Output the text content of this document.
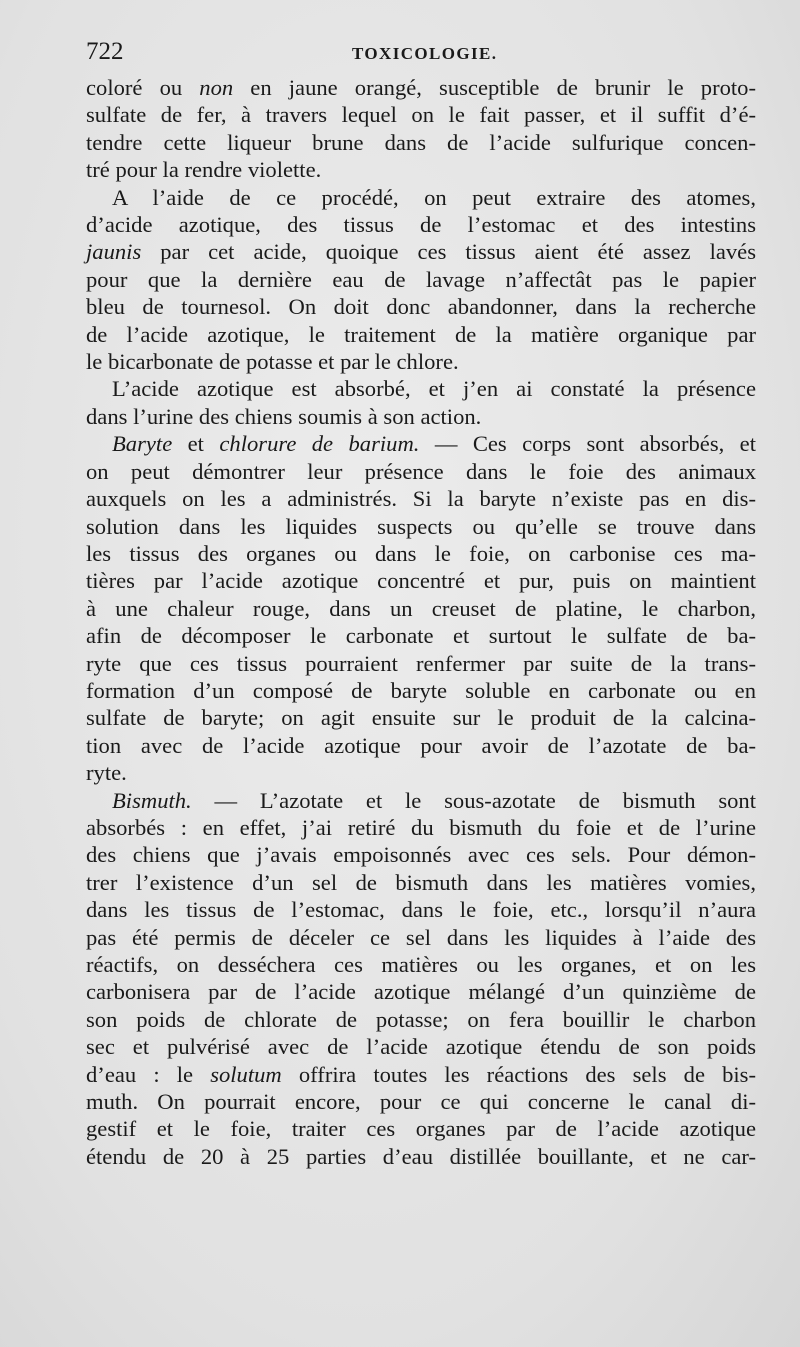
722	TOXICOLOGIE.
coloré ou non en jaune orangé, susceptible de brunir le proto-
sulfate de fer, à travers lequel on le fait passer, et il suffit d’é-
tendre cette liqueur brune dans de l’acide sulfurique concen-
tré pour la rendre violette.
A l’aide de ce procédé, on peut extraire des atomes,
d’acide azotique, des tissus de l’estomac et des intestins
jaunis par cet acide, quoique ces tissus aient été assez lavés
pour que la dernière eau de lavage n’affectât pas le papier
bleu de tournesol. On doit donc abandonner, dans la recherche
de l’acide azotique, le traitement de la matière organique par
le bicarbonate de potasse et par le chlore.
L’acide azotique est absorbé, et j’en ai constaté la présence
dans l’urine des chiens soumis à son action.
Baryte et chlorure de barium. — Ces corps sont absorbés, et
on peut démontrer leur présence dans le foie des animaux
auxquels on les a administrés. Si la baryte n’existe pas en dis-
solution dans les liquides suspects ou qu’elle se trouve dans
les tissus des organes ou dans le foie, on carbonise ces ma-
tières par l’acide azotique concentré et pur, puis on maintient
à une chaleur rouge, dans un creuset de platine, le charbon,
afin de décomposer le carbonate et surtout le sulfate de ba-
ryte que ces tissus pourraient renfermer par suite de la trans-
formation d’un composé de baryte soluble en carbonate ou en
sulfate de baryte; on agit ensuite sur le produit de la calcina-
tion avec de l’acide azotique pour avoir de l’azotate de ba-
ryte.
Bismuth. — L’azotate et le sous-azotate de bismuth sont
absorbés : en effet, j’ai retiré du bismuth du foie et de l’urine
des chiens que j’avais empoisonnés avec ces sels. Pour démon-
trer l’existence d’un sel de bismuth dans les matières vomies,
dans les tissus de l’estomac, dans le foie, etc., lorsqu’il n’aura
pas été permis de déceler ce sel dans les liquides à l’aide des
réactifs, on desséchera ces matières ou les organes, et on les
carbonisera par de l’acide azotique mélangé d’un quinzième de
son poids de chlorate de potasse; on fera bouillir le charbon
sec et pulvérisé avec de l’acide azotique étendu de son poids
d’eau : le solutum offrira toutes les réactions des sels de bis-
muth. On pourrait encore, pour ce qui concerne le canal di-
gestif et le foie, traiter ces organes par de l’acide azotique
étendu de 20 à 25 parties d’eau distillée bouillante, et ne car-
